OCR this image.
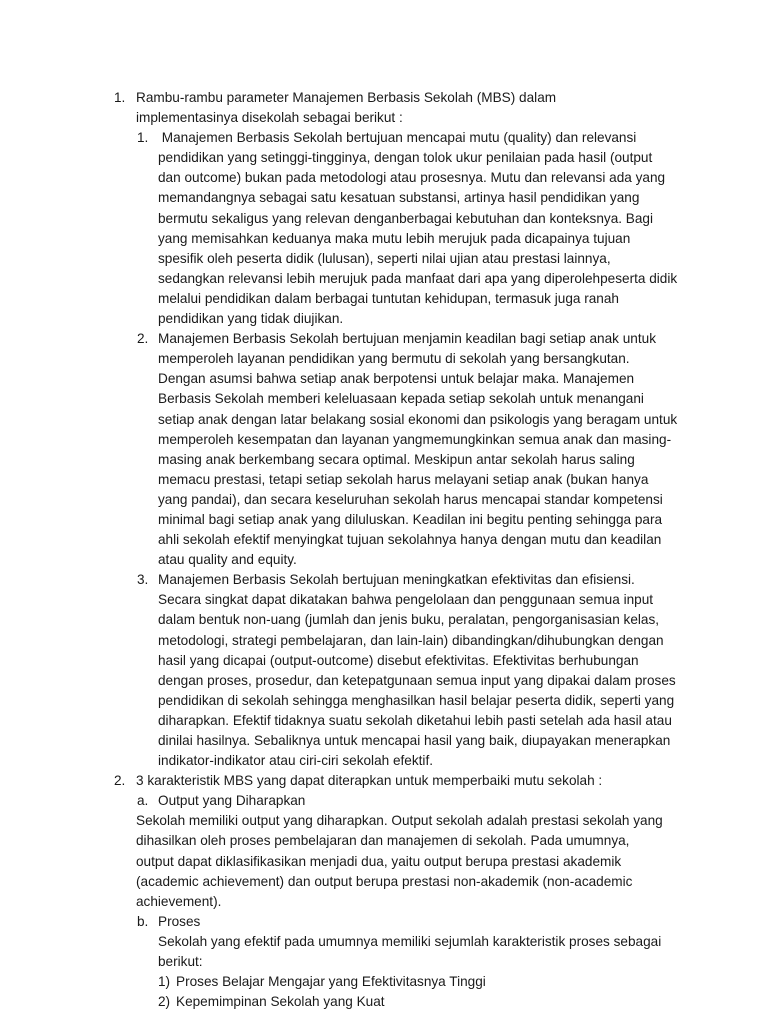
1. Rambu-rambu parameter Manajemen Berbasis Sekolah (MBS) dalam implementasinya disekolah sebagai berikut :
1. Manajemen Berbasis Sekolah bertujuan mencapai mutu (quality) dan relevansi pendidikan yang setinggi-tingginya, dengan tolok ukur penilaian pada hasil (output dan outcome) bukan pada metodologi atau prosesnya. Mutu dan relevansi ada yang memandangnya sebagai satu kesatuan substansi, artinya hasil pendidikan yang bermutu sekaligus yang relevan denganberbagai kebutuhan dan konteksnya. Bagi yang memisahkan keduanya maka mutu lebih merujuk pada dicapainya tujuan spesifik oleh peserta didik (lulusan), seperti nilai ujian atau prestasi lainnya, sedangkan relevansi lebih merujuk pada manfaat dari apa yang diperolehpeserta didik melalui pendidikan dalam berbagai tuntutan kehidupan, termasuk juga ranah pendidikan yang tidak diujikan.
2. Manajemen Berbasis Sekolah bertujuan menjamin keadilan bagi setiap anak untuk memperoleh layanan pendidikan yang bermutu di sekolah yang bersangkutan. Dengan asumsi bahwa setiap anak berpotensi untuk belajar maka. Manajemen Berbasis Sekolah memberi keleluasaan kepada setiap sekolah untuk menangani setiap anak dengan latar belakang sosial ekonomi dan psikologis yang beragam untuk memperoleh kesempatan dan layanan yangmemungkinkan semua anak dan masing-masing anak berkembang secara optimal. Meskipun antar sekolah harus saling memacu prestasi, tetapi setiap sekolah harus melayani setiap anak (bukan hanya yang pandai), dan secara keseluruhan sekolah harus mencapai standar kompetensi minimal bagi setiap anak yang diluluskan. Keadilan ini begitu penting sehingga para ahli sekolah efektif menyingkat tujuan sekolahnya hanya dengan mutu dan keadilan atau quality and equity.
3. Manajemen Berbasis Sekolah bertujuan meningkatkan efektivitas dan efisiensi. Secara singkat dapat dikatakan bahwa pengelolaan dan penggunaan semua input dalam bentuk non-uang (jumlah dan jenis buku, peralatan, pengorganisasian kelas, metodologi, strategi pembelajaran, dan lain-lain) dibandingkan/dihubungkan dengan hasil yang dicapai (output-outcome) disebut efektivitas. Efektivitas berhubungan dengan proses, prosedur, dan ketepatgunaan semua input yang dipakai dalam proses pendidikan di sekolah sehingga menghasilkan hasil belajar peserta didik, seperti yang diharapkan. Efektif tidaknya suatu sekolah diketahui lebih pasti setelah ada hasil atau dinilai hasilnya. Sebaliknya untuk mencapai hasil yang baik, diupayakan menerapkan indikator-indikator atau ciri-ciri sekolah efektif.
2. 3 karakteristik MBS yang dapat diterapkan untuk memperbaiki mutu sekolah :
a. Output yang Diharapkan
Sekolah memiliki output yang diharapkan. Output sekolah adalah prestasi sekolah yang dihasilkan oleh proses pembelajaran dan manajemen di sekolah. Pada umumnya, output dapat diklasifikasikan menjadi dua, yaitu output berupa prestasi akademik (academic achievement) dan output berupa prestasi non-akademik (non-academic achievement).
b. Proses
Sekolah yang efektif pada umumnya memiliki sejumlah karakteristik proses sebagai berikut:
1) Proses Belajar Mengajar yang Efektivitasnya Tinggi
2) Kepemimpinan Sekolah yang Kuat
